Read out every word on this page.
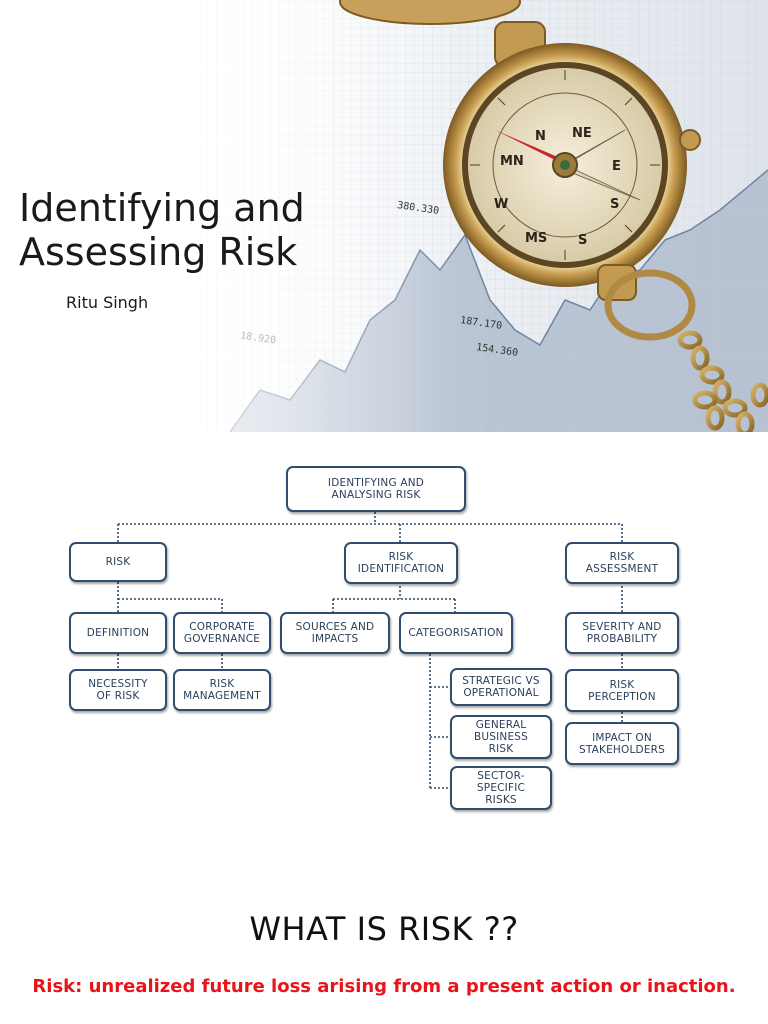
N NE
E
S
S
MS
W
MN
380.330
187.170
154.360
18.920
Identifying and Assessing Risk
Ritu Singh
IDENTIFYING AND
ANALYSING RISK
RISK	RISK
IDENTIFICATION
RISK
ASSESSMENT
DEFINITION	CORPORATE
GOVERNANCE
NECESSITY
OF RISK
RISK
MANAGEMENT
SOURCES AND
IMPACTS	CATEGORISATION
STRATEGIC VS
OPERATIONAL
GENERAL
BUSINESS
RISK
SECTOR-
SPECIFIC
RISKS
SEVERITY AND
PROBABILITY
RISK
PERCEPTION
IMPACT ON
STAKEHOLDERS
WHAT IS RISK ??
Risk: unrealized future loss arising from a present action or inaction.
